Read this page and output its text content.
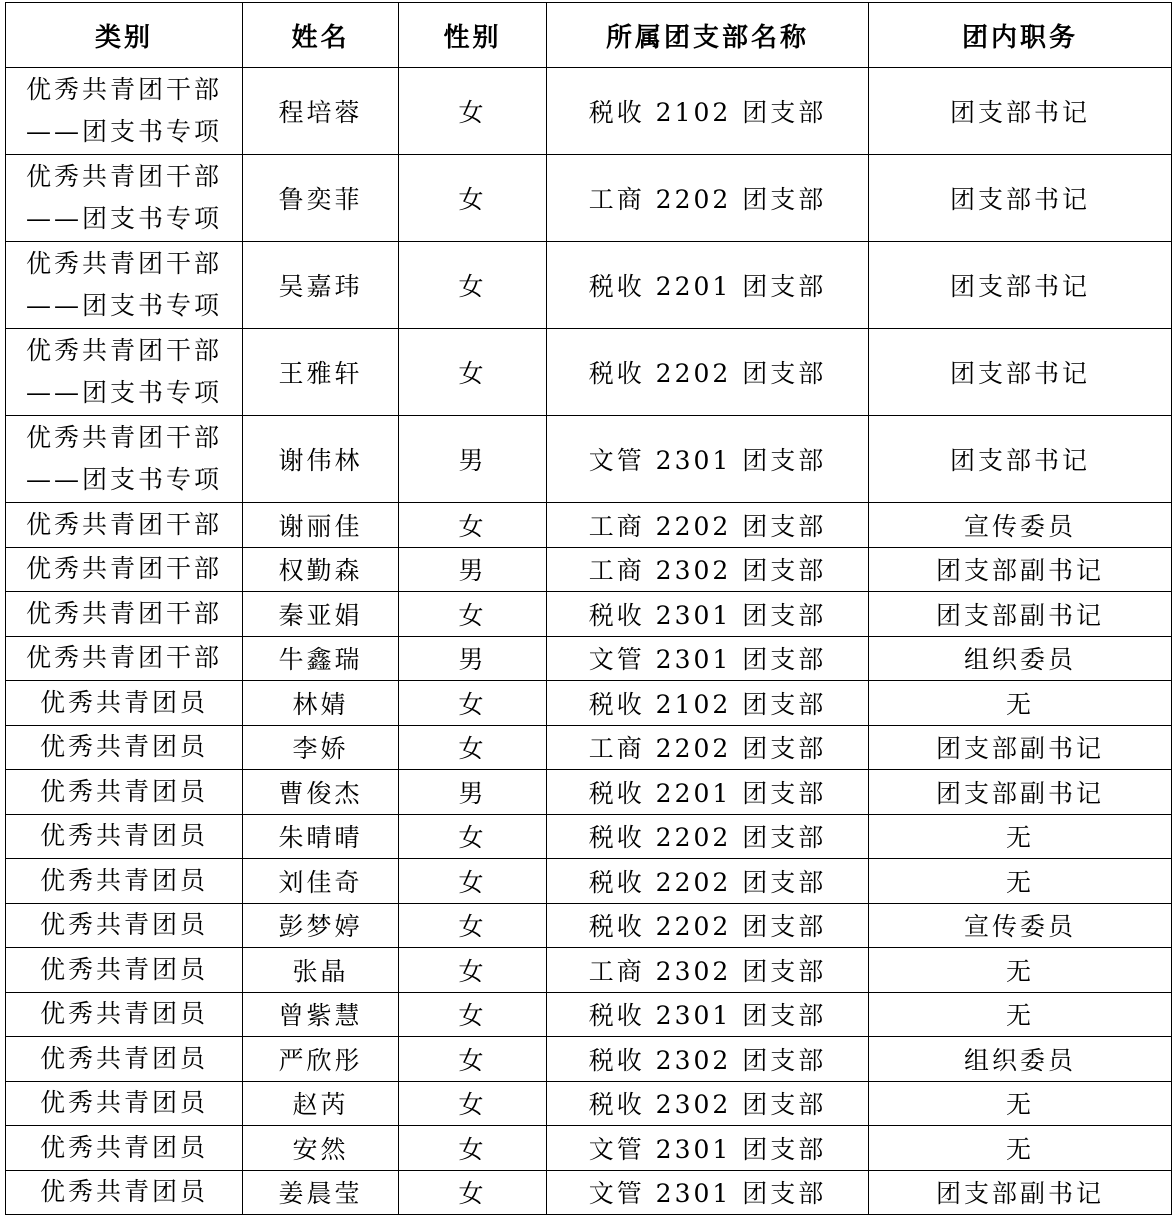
类别	姓名	性别	所属团支部名称	团内职务

优秀共青团干部
——团支书专项	程培蓉	女	税收 2102 团支部	团支部书记

优秀共青团干部
——团支书专项	鲁奕菲	女	工商 2202 团支部	团支部书记

优秀共青团干部
——团支书专项	吴嘉玮	女	税收 2201 团支部	团支部书记

优秀共青团干部
——团支书专项	王雅轩	女	税收 2202 团支部	团支部书记

优秀共青团干部
——团支书专项	谢伟林	男	文管 2301 团支部	团支部书记

优秀共青团干部	谢丽佳	女	工商 2202 团支部	宣传委员

优秀共青团干部	权勤森	男	工商 2302 团支部	团支部副书记

优秀共青团干部	秦亚娟	女	税收 2301 团支部	团支部副书记

优秀共青团干部	牛鑫瑞	男	文管 2301 团支部	组织委员

优秀共青团员	林婧	女	税收 2102 团支部	无

优秀共青团员	李娇	女	工商 2202 团支部	团支部副书记

优秀共青团员	曹俊杰	男	税收 2201 团支部	团支部副书记

优秀共青团员	朱晴晴	女	税收 2202 团支部	无

优秀共青团员	刘佳奇	女	税收 2202 团支部	无

优秀共青团员	彭梦婷	女	税收 2202 团支部	宣传委员

优秀共青团员	张晶	女	工商 2302 团支部	无

优秀共青团员	曾紫慧	女	税收 2301 团支部	无

优秀共青团员	严欣彤	女	税收 2302 团支部	组织委员

优秀共青团员	赵芮	女	税收 2302 团支部	无

优秀共青团员	安然	女	文管 2301 团支部	无

优秀共青团员	姜晨莹	女	文管 2301 团支部	团支部副书记
